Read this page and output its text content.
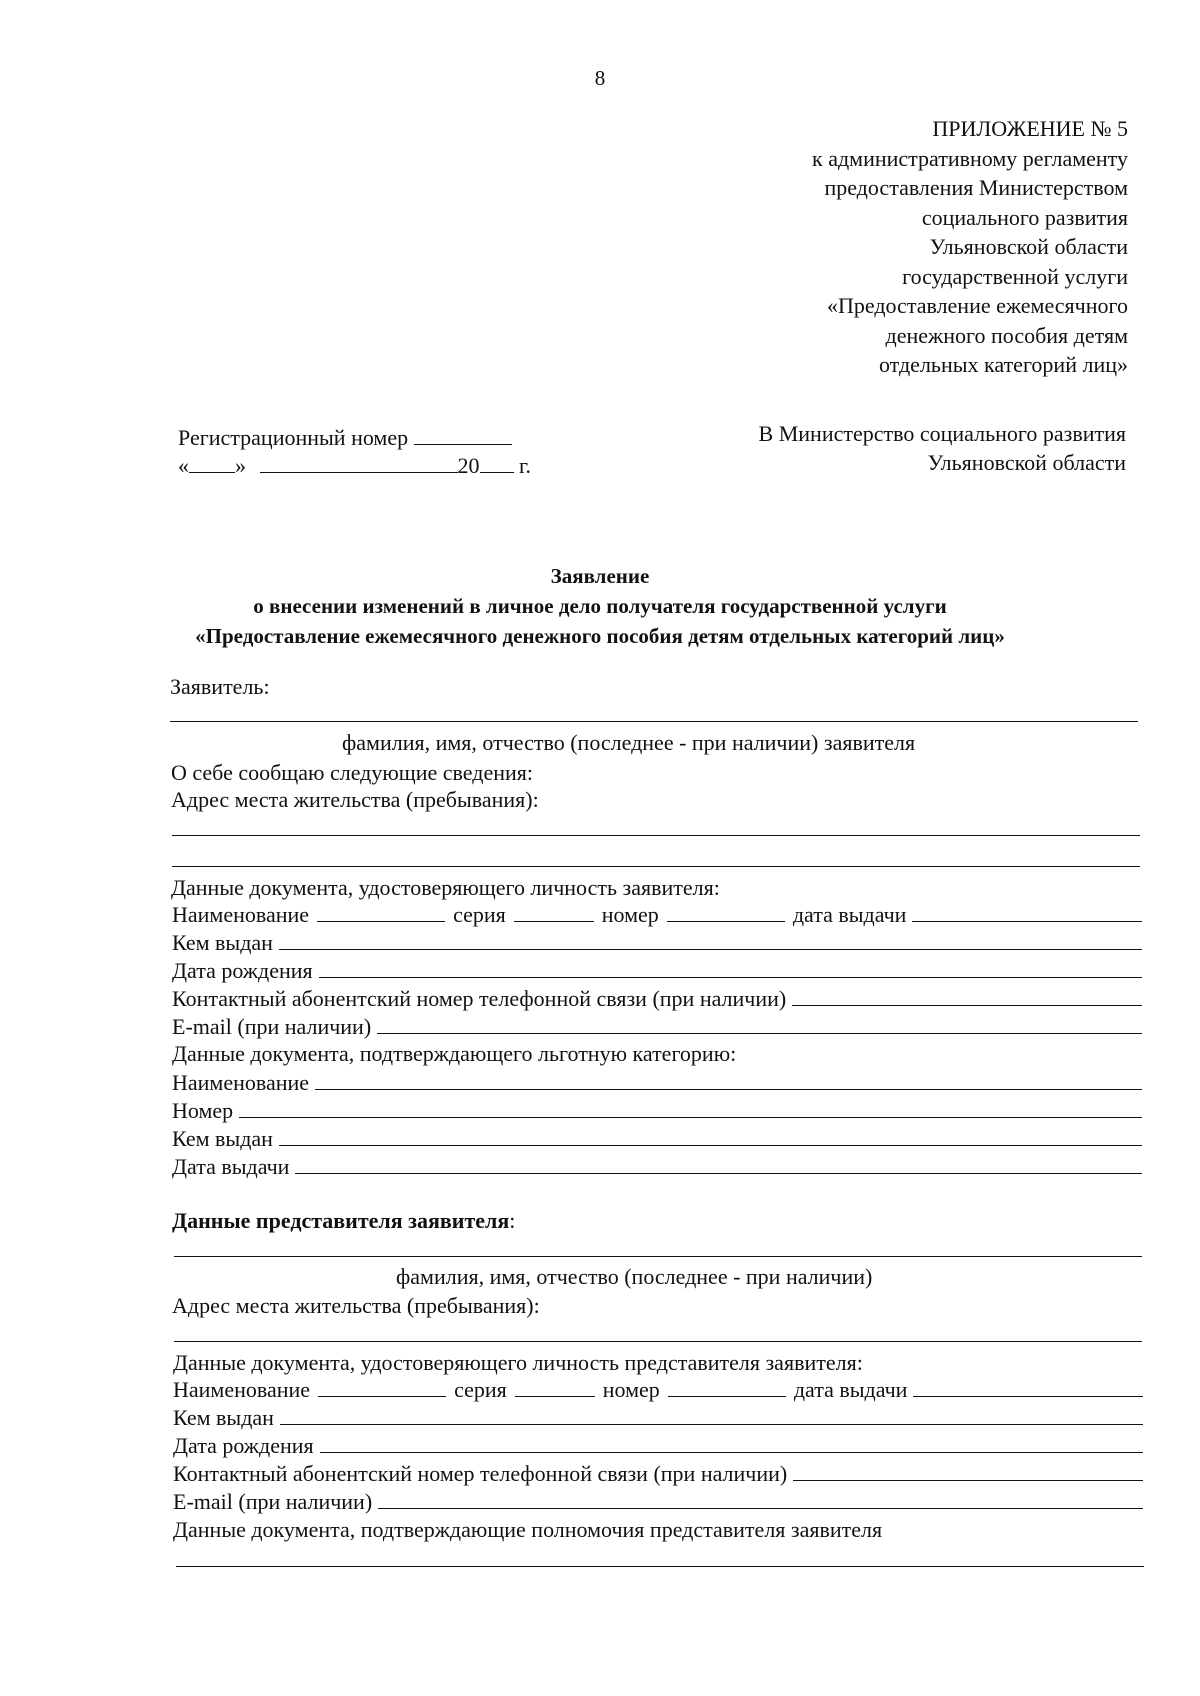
8
ПРИЛОЖЕНИЕ № 5
к административному регламенту
предоставления Министерством
социального развития
Ульяновской области
государственной услуги
«Предоставление ежемесячного
денежного пособия детям
отдельных категорий лиц»
Регистрационный номер
« »	20 г.
В Министерство социального развития
Ульяновской области
Заявление
о внесении изменений в личное дело получателя государственной услуги
«Предоставление ежемесячного денежного пособия детям отдельных категорий лиц»
Заявитель:
фамилия, имя, отчество (последнее - при наличии) заявителя
О себе сообщаю следующие сведения:
Адрес места жительства (пребывания):
Данные документа, удостоверяющего личность заявителя:
Наименование	серия	номер	дата выдачи
Кем выдан
Дата рождения
Контактный абонентский номер телефонной связи (при наличии)
E-mail (при наличии)
Данные документа, подтверждающего льготную категорию:
Наименование
Номер
Кем выдан
Дата выдачи
Данные представителя заявителя:
фамилия, имя, отчество (последнее - при наличии)
Адрес места жительства (пребывания):
Данные документа, удостоверяющего личность представителя заявителя:
Наименование	серия	номер	дата выдачи
Кем выдан
Дата рождения
Контактный абонентский номер телефонной связи (при наличии)
E-mail (при наличии)
Данные документа, подтверждающие полномочия представителя заявителя
